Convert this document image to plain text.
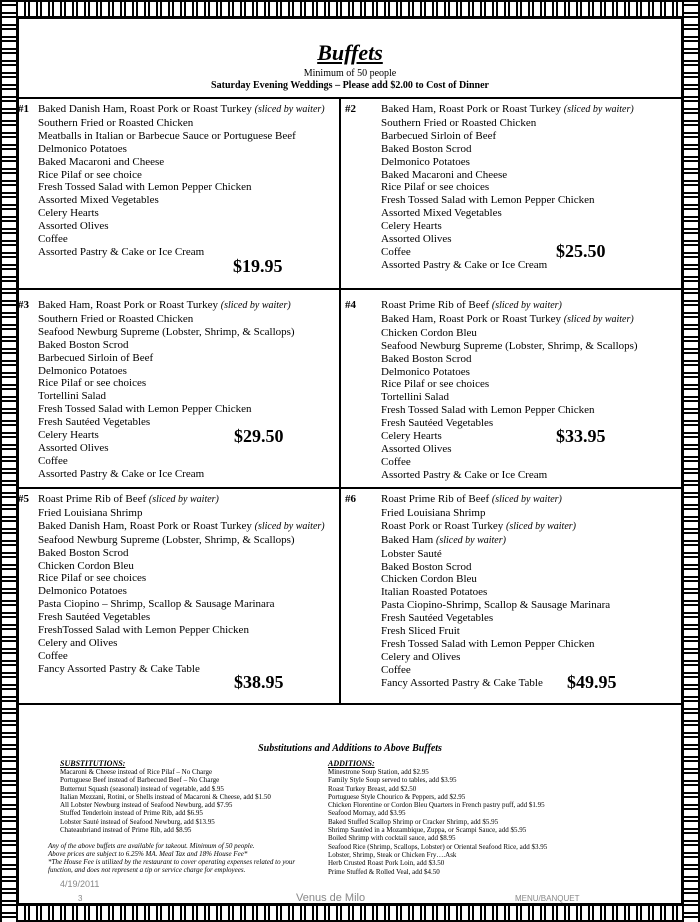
Buffets
Minimum of 50 people
Saturday Evening Weddings – Please add $2.00 to Cost of Dinner
#1 Baked Danish Ham, Roast Pork or Roast Turkey (sliced by waiter)
Southern Fried or Roasted Chicken
Meatballs in Italian or Barbecue Sauce or Portuguese Beef
Delmonico Potatoes
Baked Macaroni and Cheese
Rice Pilaf or see choice
Fresh Tossed Salad with Lemon Pepper Chicken
Assorted Mixed Vegetables
Celery Hearts
Assorted Olives
Coffee
Assorted Pastry & Cake or Ice Cream
$19.95
#2 Baked Ham, Roast Pork or Roast Turkey (sliced by waiter)
Southern Fried or Roasted Chicken
Barbecued Sirloin of Beef
Baked Boston Scrod
Delmonico Potatoes
Baked Macaroni and Cheese
Rice Pilaf or see choices
Fresh Tossed Salad with Lemon Pepper Chicken
Assorted Mixed Vegetables
Celery Hearts
Assorted Olives
Coffee
Assorted Pastry & Cake or Ice Cream
$25.50
#3 Baked Ham, Roast Pork or Roast Turkey (sliced by waiter)
Southern Fried or Roasted Chicken
Seafood Newburg Supreme (Lobster, Shrimp, & Scallops)
Baked Boston Scrod
Barbecued Sirloin of Beef
Delmonico Potatoes
Rice Pilaf or see choices
Tortellini Salad
Fresh Tossed Salad with Lemon Pepper Chicken
Fresh Sautéed Vegetables
Celery Hearts
Assorted Olives
Coffee
Assorted Pastry & Cake or Ice Cream
$29.50
#4 Roast Prime Rib of Beef (sliced by waiter)
Baked Ham, Roast Pork or Roast Turkey (sliced by waiter)
Chicken Cordon Bleu
Seafood Newburg Supreme (Lobster, Shrimp, & Scallops)
Baked Boston Scrod
Delmonico Potatoes
Rice Pilaf or see choices
Tortellini Salad
Fresh Tossed Salad with Lemon Pepper Chicken
Fresh Sautéed Vegetables
Celery Hearts
Assorted Olives
Coffee
Assorted Pastry & Cake or Ice Cream
$33.95
#5 Roast Prime Rib of Beef (sliced by waiter)
Fried Louisiana Shrimp
Baked Danish Ham, Roast Pork or Roast Turkey (sliced by waiter)
Seafood Newburg Supreme (Lobster, Shrimp, & Scallops)
Baked Boston Scrod
Chicken Cordon Bleu
Rice Pilaf or see choices
Delmonico Potatoes
Pasta Ciopino – Shrimp, Scallop & Sausage Marinara
Fresh Sautéed Vegetables
FreshTossed Salad with Lemon Pepper Chicken
Celery and Olives
Coffee
Fancy Assorted Pastry & Cake Table
$38.95
#6 Roast Prime Rib of Beef (sliced by waiter)
Fried Louisiana Shrimp
Roast Pork or Roast Turkey (sliced by waiter)
Baked Ham (sliced by waiter)
Lobster Sauté
Baked Boston Scrod
Chicken Cordon Bleu
Italian Roasted Potatoes
Pasta Ciopino-Shrimp, Scallop & Sausage Marinara
Fresh Sautéed Vegetables
Fresh Sliced Fruit
Fresh Tossed Salad with Lemon Pepper Chicken
Celery and Olives
Coffee
Fancy Assorted Pastry & Cake Table	$49.95
Substitutions and Additions to Above Buffets
SUBSTITUTIONS:
Macaroni & Cheese instead of Rice Pilaf – No Charge
Portuguese Beef instead of Barbecued Beef – No Charge
Butternut Squash (seasonal) instead of vegetable, add $.95
Italian Mezzani, Rotini, or Shells instead of Macaroni & Cheese, add $1.50
All Lobster Newburg instead of Seafood Newburg, add $7.95
Stuffed Tenderloin instead of Prime Rib, add $6.95
Lobster Sauté instead of Seafood Newburg, add $13.95
Chateaubriand instead of Prime Rib, add $8.95
ADDITIONS:
Minestrone Soup Station, add $2.95
Family Style Soup served to tables, add $3.95
Roast Turkey Breast, add $2.50
Portuguese Style Chourico & Peppers, add $2.95
Chicken Florentine or Cordon Bleu Quarters in French pastry puff, add $1.95
Seafood Mornay, add $3.95
Baked Stuffed Scallop Shrimp or Cracker Shrimp, add $5.95
Shrimp Sautéed in a Mozambique, Zuppa, or Scampi Sauce, add $5.95
Boiled Shrimp with cocktail sauce, add $8.95
Seafood Rice (Shrimp, Scallops, Lobster) or Oriental Seafood Rice, add $3.95
Lobster, Shrimp, Steak or Chicken Fry….Ask
Herb Crusted Roast Pork Loin, add $3.50
Prime Stuffed & Rolled Veal, add $4.50
Any of the above buffets are available for takeout. Minimum of 50 people.
Above prices are subject to 6.25% MA. Meal Tax and 18% House Fee*
*The House Fee is utilized by the restaurant to cover operating expenses related to your
function, and does not represent a tip or service charge for employees.
4/19/2011
3	Venus de Milo	MENU/BANQUET
